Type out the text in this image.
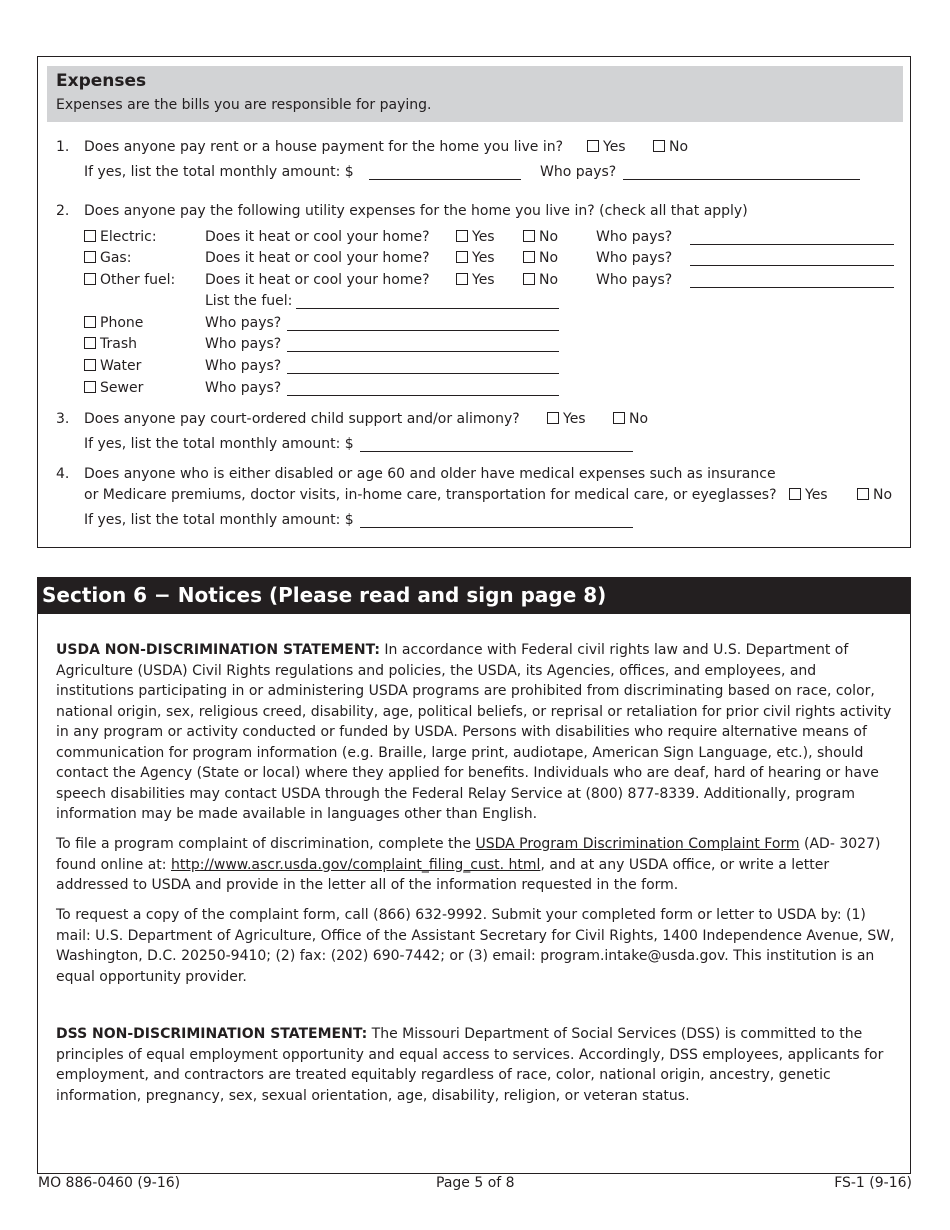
Expenses
Expenses are the bills you are responsible for paying.
1. Does anyone pay rent or a house payment for the home you live in?	Yes	No
If yes, list the total monthly amount: $	Who pays?
2. Does anyone pay the following utility expenses for the home you live in? (check all that apply)
Electric:	Does it heat or cool your home?	Yes	No	Who pays?
Gas:	Does it heat or cool your home?	Yes	No	Who pays?
Other fuel: Does it heat or cool your home?	Yes	No	Who pays?
List the fuel:
Phone	Who pays?
Trash	Who pays?
Water	Who pays?
Sewer	Who pays?
3. Does anyone pay court-ordered child support and/or alimony?	Yes	No
If yes, list the total monthly amount: $
4. Does anyone who is either disabled or age 60 and older have medical expenses such as insurance
or Medicare premiums, doctor visits, in-home care, transportation for medical care, or eyeglasses?	Yes	No
If yes, list the total monthly amount: $
Section 6 − Notices (Please read and sign page 8)
USDA NON-DISCRIMINATION STATEMENT: In accordance with Federal civil rights law and U.S. Department of Agriculture (USDA) Civil Rights regulations and policies, the USDA, its Agencies, offices, and employees, and institutions participating in or administering USDA programs are prohibited from discriminating based on race, color, national origin, sex, religious creed, disability, age, political beliefs, or reprisal or retaliation for prior civil rights activity in any program or activity conducted or funded by USDA. Persons with disabilities who require alternative means of communication for program information (e.g. Braille, large print, audiotape, American Sign Language, etc.), should contact the Agency (State or local) where they applied for benefits. Individuals who are deaf, hard of hearing or have speech disabilities may contact USDA through the Federal Relay Service at (800) 877-8339. Additionally, program information may be made available in languages other than English.
To file a program complaint of discrimination, complete the USDA Program Discrimination Complaint Form (AD- 3027) found online at: http://www.ascr.usda.gov/complaint_filing_cust. html, and at any USDA office, or write a letter addressed to USDA and provide in the letter all of the information requested in the form.
To request a copy of the complaint form, call (866) 632-9992. Submit your completed form or letter to USDA by: (1) mail: U.S. Department of Agriculture, Office of the Assistant Secretary for Civil Rights, 1400 Independence Avenue, SW, Washington, D.C. 20250-9410; (2) fax: (202) 690-7442; or (3) email: program.intake@usda.gov. This institution is an equal opportunity provider.
DSS NON-DISCRIMINATION STATEMENT: The Missouri Department of Social Services (DSS) is committed to the principles of equal employment opportunity and equal access to services. Accordingly, DSS employees, applicants for employment, and contractors are treated equitably regardless of race, color, national origin, ancestry, genetic information, pregnancy, sex, sexual orientation, age, disability, religion, or veteran status.
MO 886-0460 (9-16)	Page 5 of 8	FS-1 (9-16)
